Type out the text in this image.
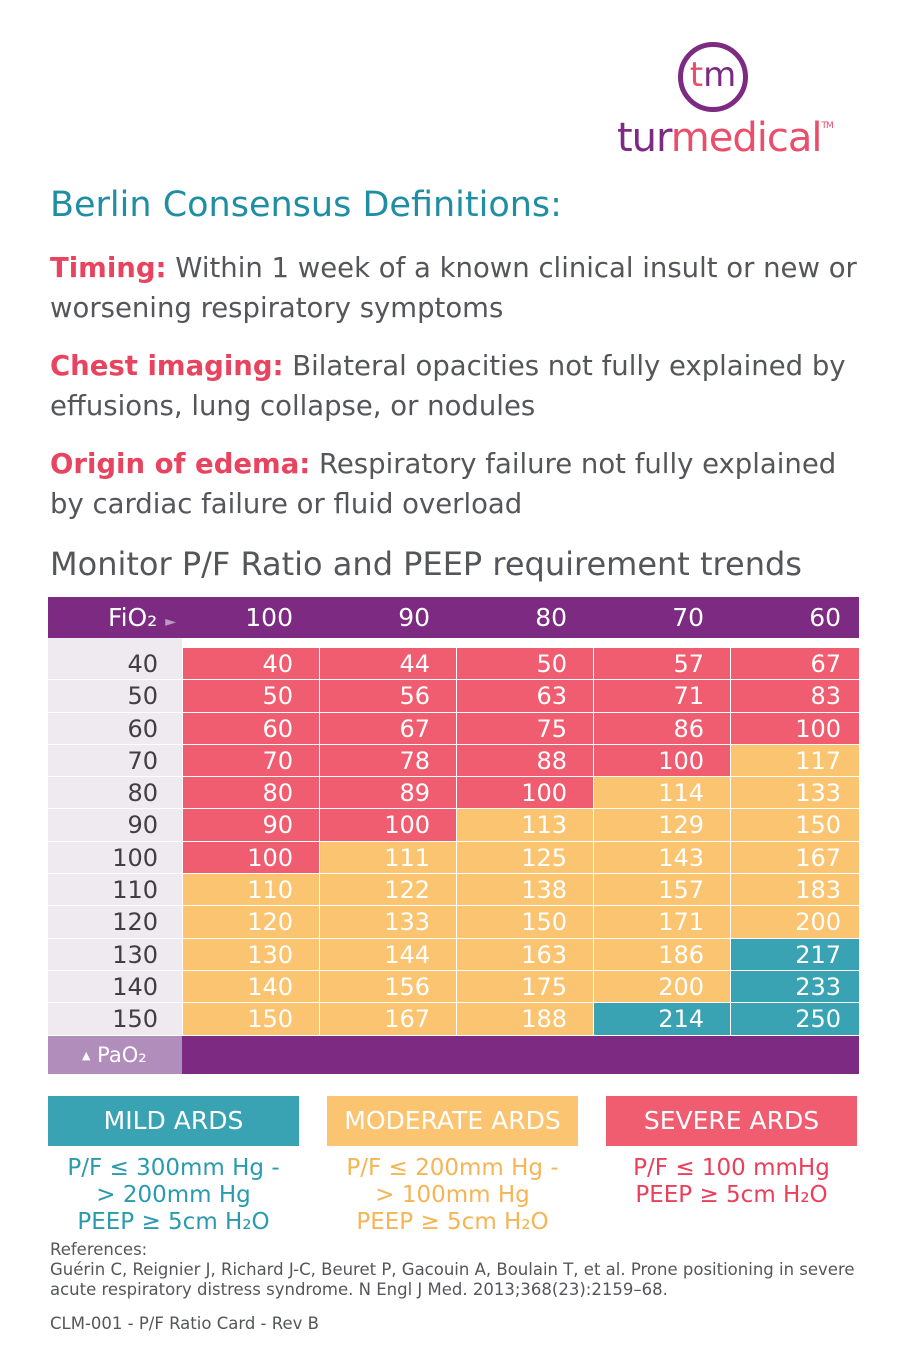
tm
turmedical™
Berlin Consensus Definitions:
Timing: Within 1 week of a known clinical insult or new or worsening respiratory symptoms
Chest imaging: Bilateral opacities not fully explained by effusions, lung collapse, or nodules
Origin of edema: Respiratory failure not fully explained by cardiac failure or fluid overload
Monitor P/F Ratio and PEEP requirement trends
FiO₂ ►	100	90	80	70	60
40	40	44	50	57	67
50	50	56	63	71	83
60	60	67	75	86	100
70	70	78	88	100	117
80	80	89	100	114	133
90	90	100	113	129	150
100	100	111	125	143	167
110	110	122	138	157	183
120	120	133	150	171	200
130	130	144	163	186	217
140	140	156	175	200	233
150	150	167	188	214	250
▲ PaO₂
MILD ARDS	MODERATE ARDS	SEVERE ARDS
P/F ≤ 300mm Hg -
> 200mm Hg
PEEP ≥ 5cm H₂O
P/F ≤ 200mm Hg -
> 100mm Hg
PEEP ≥ 5cm H₂O
P/F ≤ 100 mmHg
PEEP ≥ 5cm H₂O
References:
Guérin C, Reignier J, Richard J-C, Beuret P, Gacouin A, Boulain T, et al. Prone positioning in severe acute respiratory distress syndrome. N Engl J Med. 2013;368(23):2159–68.
CLM-001 - P/F Ratio Card - Rev B
